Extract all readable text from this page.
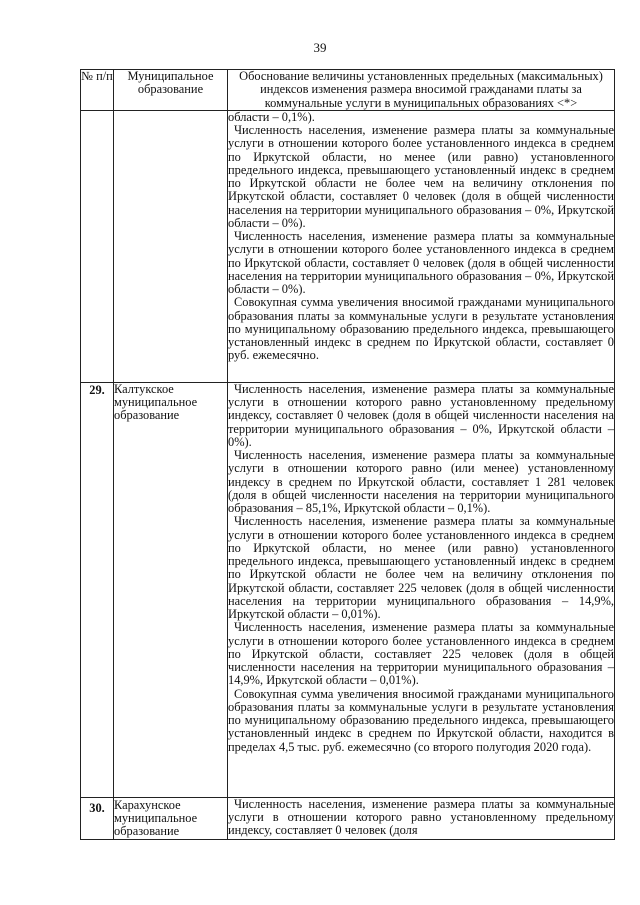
39
№ п/п	Муниципальное образование	Обоснование величины установленных предельных (максимальных) индексов изменения размера вносимой гражданами платы за коммунальные услуги в муниципальных образованиях <*>

		области – 0,1%).

Численность населения, изменение размера платы за коммунальные услуги в отношении которого более установленного индекса в среднем по Иркутской области, но менее (или равно) установленного предельного индекса, превышающего установленный индекс в среднем по Иркутской области не более чем на величину отклонения по Иркутской области, составляет 0 человек (доля в общей численности населения на территории муниципального образования – 0%, Иркутской области – 0%).

Численность населения, изменение размера платы за коммунальные услуги в отношении которого более установленного индекса в среднем по Иркутской области, составляет 0 человек (доля в общей численности населения на территории муниципального образования – 0%, Иркутской области – 0%).

Совокупная сумма увеличения вносимой гражданами муниципального образования платы за коммунальные услуги в результате установления по муниципальному образованию предельного индекса, превышающего установленный индекс в среднем по Иркутской области, составляет 0 руб. ежемесячно.

29.	Калтукское муниципальное образование	Численность населения, изменение размера платы за коммунальные услуги в отношении которого равно установленному предельному индексу, составляет 0 человек (доля в общей численности населения на территории муниципального образования – 0%, Иркутской области – 0%).

Численность населения, изменение размера платы за коммунальные услуги в отношении которого равно (или менее) установленному индексу в среднем по Иркутской области, составляет 1 281 человек (доля в общей численности населения на территории муниципального образования – 85,1%, Иркутской области – 0,1%).

Численность населения, изменение размера платы за коммунальные услуги в отношении которого более установленного индекса в среднем по Иркутской области, но менее (или равно) установленного предельного индекса, превышающего установленный индекс в среднем по Иркутской области не более чем на величину отклонения по Иркутской области, составляет 225 человек (доля в общей численности населения на территории муниципального образования – 14,9%, Иркутской области – 0,01%).

Численность населения, изменение размера платы за коммунальные услуги в отношении которого более установленного индекса в среднем по Иркутской области, составляет 225 человек (доля в общей численности населения на территории муниципального образования – 14,9%, Иркутской области – 0,01%).

Совокупная сумма увеличения вносимой гражданами муниципального образования платы за коммунальные услуги в результате установления по муниципальному образованию предельного индекса, превышающего установленный индекс в среднем по Иркутской области, находится в пределах 4,5 тыс. руб. ежемесячно (со второго полугодия 2020 года).

30.	Карахунское муниципальное образование	Численность населения, изменение размера платы за коммунальные услуги в отношении которого равно установленному предельному индексу, составляет 0 человек (доля
